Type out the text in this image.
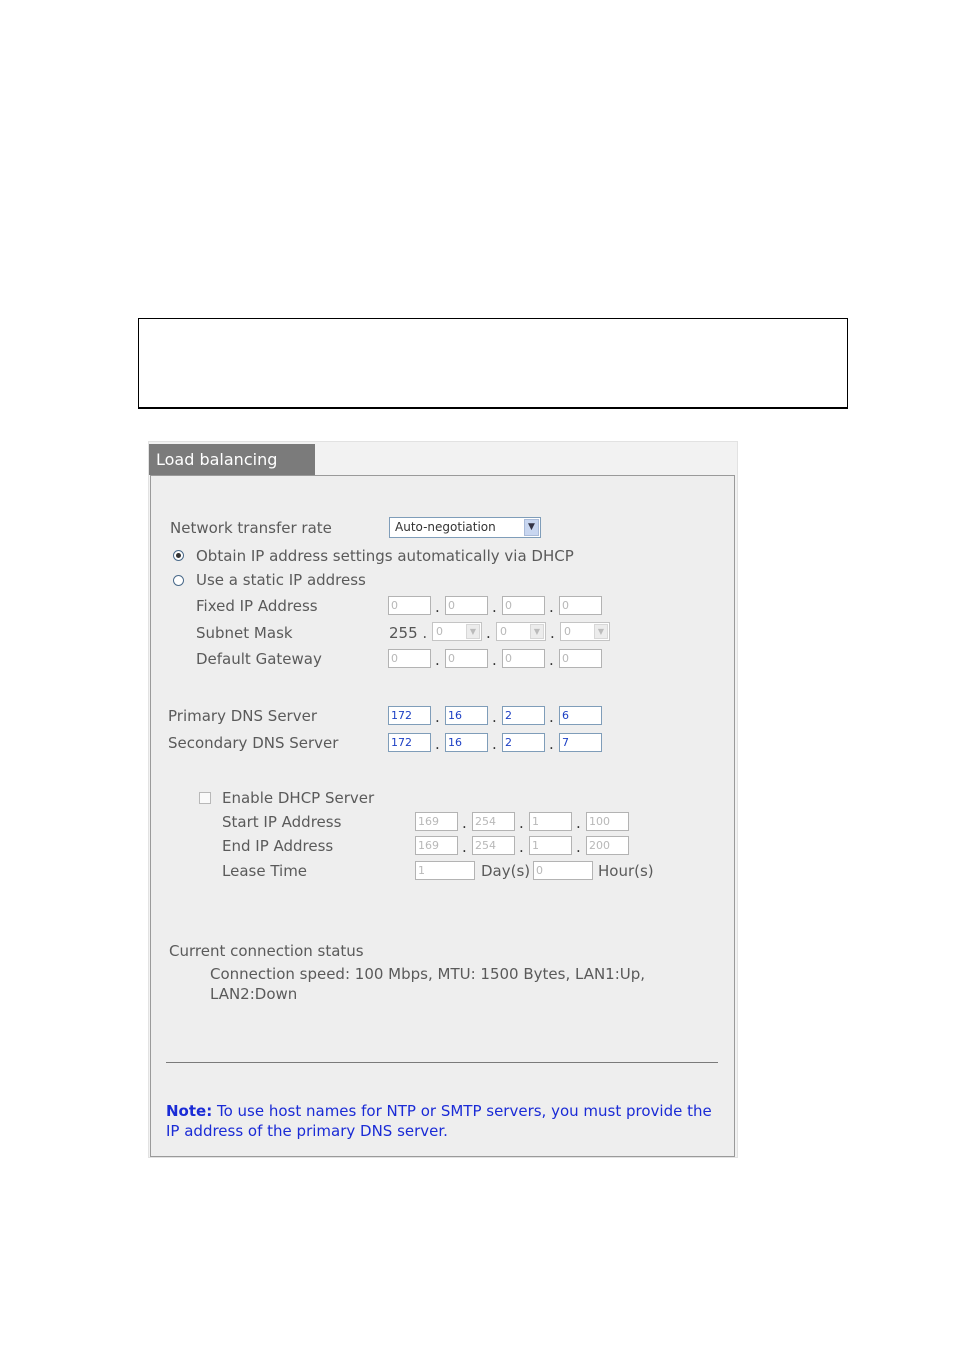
Load balancing
Network transfer rate	Auto-negotiation	▼
Obtain IP address settings automatically via DHCP
Use a static IP address
Fixed IP Address	0	. 0	. 0	. 0
Subnet Mask	255 . 0	▼ . 0	▼ . 0	▼
Default Gateway	0	. 0	. 0	. 0
Primary DNS Server	172	. 16	. 2	. 6
Secondary DNS Server	172	. 16	. 2	. 7
Enable DHCP Server
Start IP Address	169	. 254	. 1	. 100
End IP Address	169	. 254	. 1	. 200
Lease Time	1	Day(s) 0	Hour(s)
Current connection status
Connection speed: 100 Mbps, MTU: 1500 Bytes, LAN1:Up,
LAN2:Down
Note: To use host names for NTP or SMTP servers, you must provide the
IP address of the primary DNS server.
